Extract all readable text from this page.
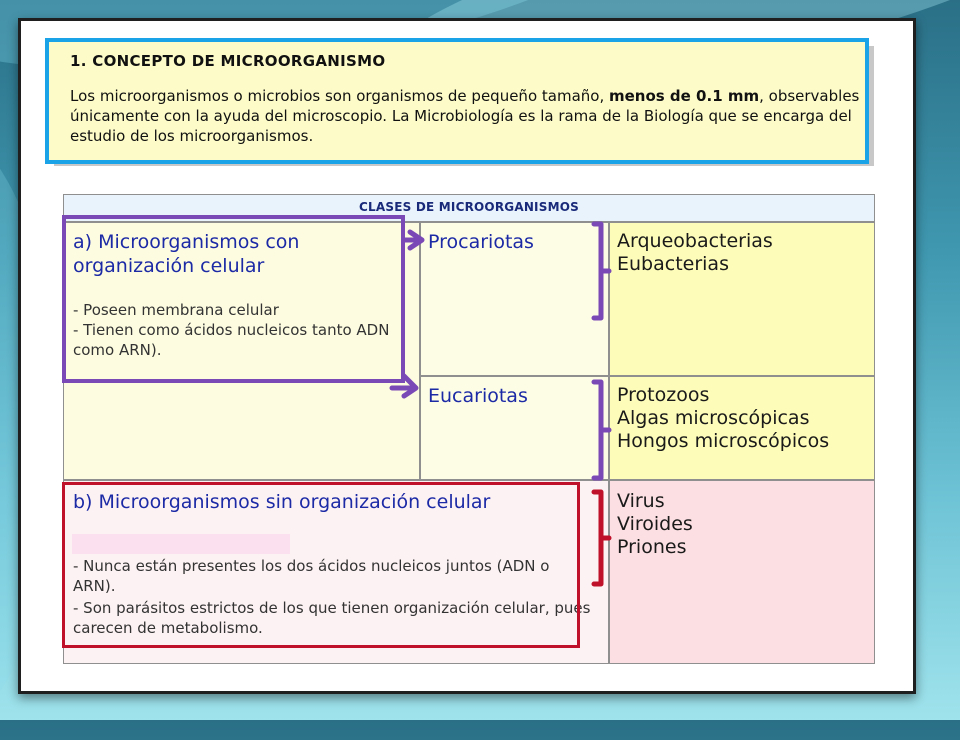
1. CONCEPTO DE MICROORGANISMO
Los microorganismos o microbios son organismos de pequeño tamaño, menos de 0.1 mm, observables únicamente con la ayuda del microscopio. La Microbiología es la rama de la Biología que se encarga del estudio de los microorganismos.
CLASES DE MICROORGANISMOS
a) Microorganismos con organización celular
- Poseen membrana celular
- Tienen como ácidos nucleicos tanto ADN como ARN).
Procariotas	Arqueobacterias
Eubacterias
Eucariotas	Protozoos
Algas microscópicas
Hongos microscópicos
b) Microorganismos sin organización celular
- Nunca están presentes los dos ácidos nucleicos juntos (ADN o ARN).
- Son parásitos estrictos de los que tienen organización celular, pues carecen de metabolismo.
Virus
Viroides
Priones
